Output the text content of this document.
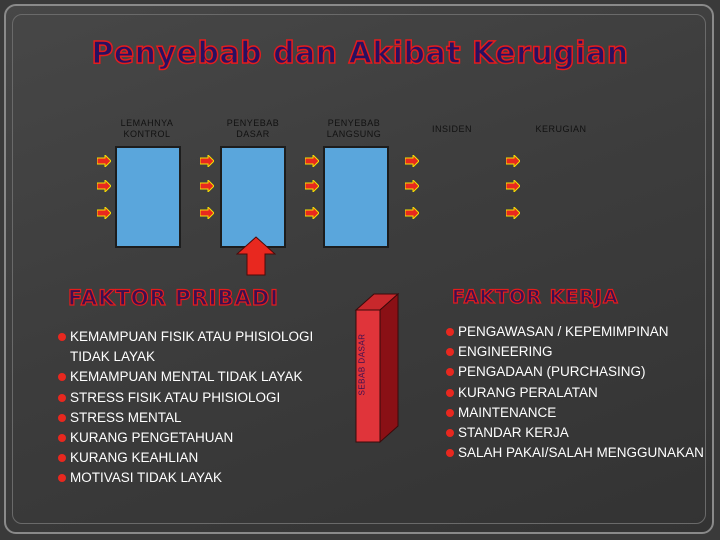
Penyebab dan Akibat Kerugian
LEMAHNYA KONTROL
PENYEBAB DASAR
PENYEBAB LANGSUNG	INSIDEN	KERUGIAN
FAKTOR PRIBADI
KEMAMPUAN FISIK ATAU PHISIOLOGI TIDAK LAYAK
KEMAMPUAN MENTAL TIDAK LAYAK
STRESS FISIK ATAU PHISIOLOGI
STRESS MENTAL
KURANG PENGETAHUAN
KURANG KEAHLIAN
MOTIVASI TIDAK LAYAK
SEBAB DASAR
FAKTOR KERJA
PENGAWASAN / KEPEMIMPINAN
ENGINEERING
PENGADAAN (PURCHASING)
KURANG PERALATAN
MAINTENANCE
STANDAR KERJA
SALAH PAKAI/SALAH MENGGUNAKAN
